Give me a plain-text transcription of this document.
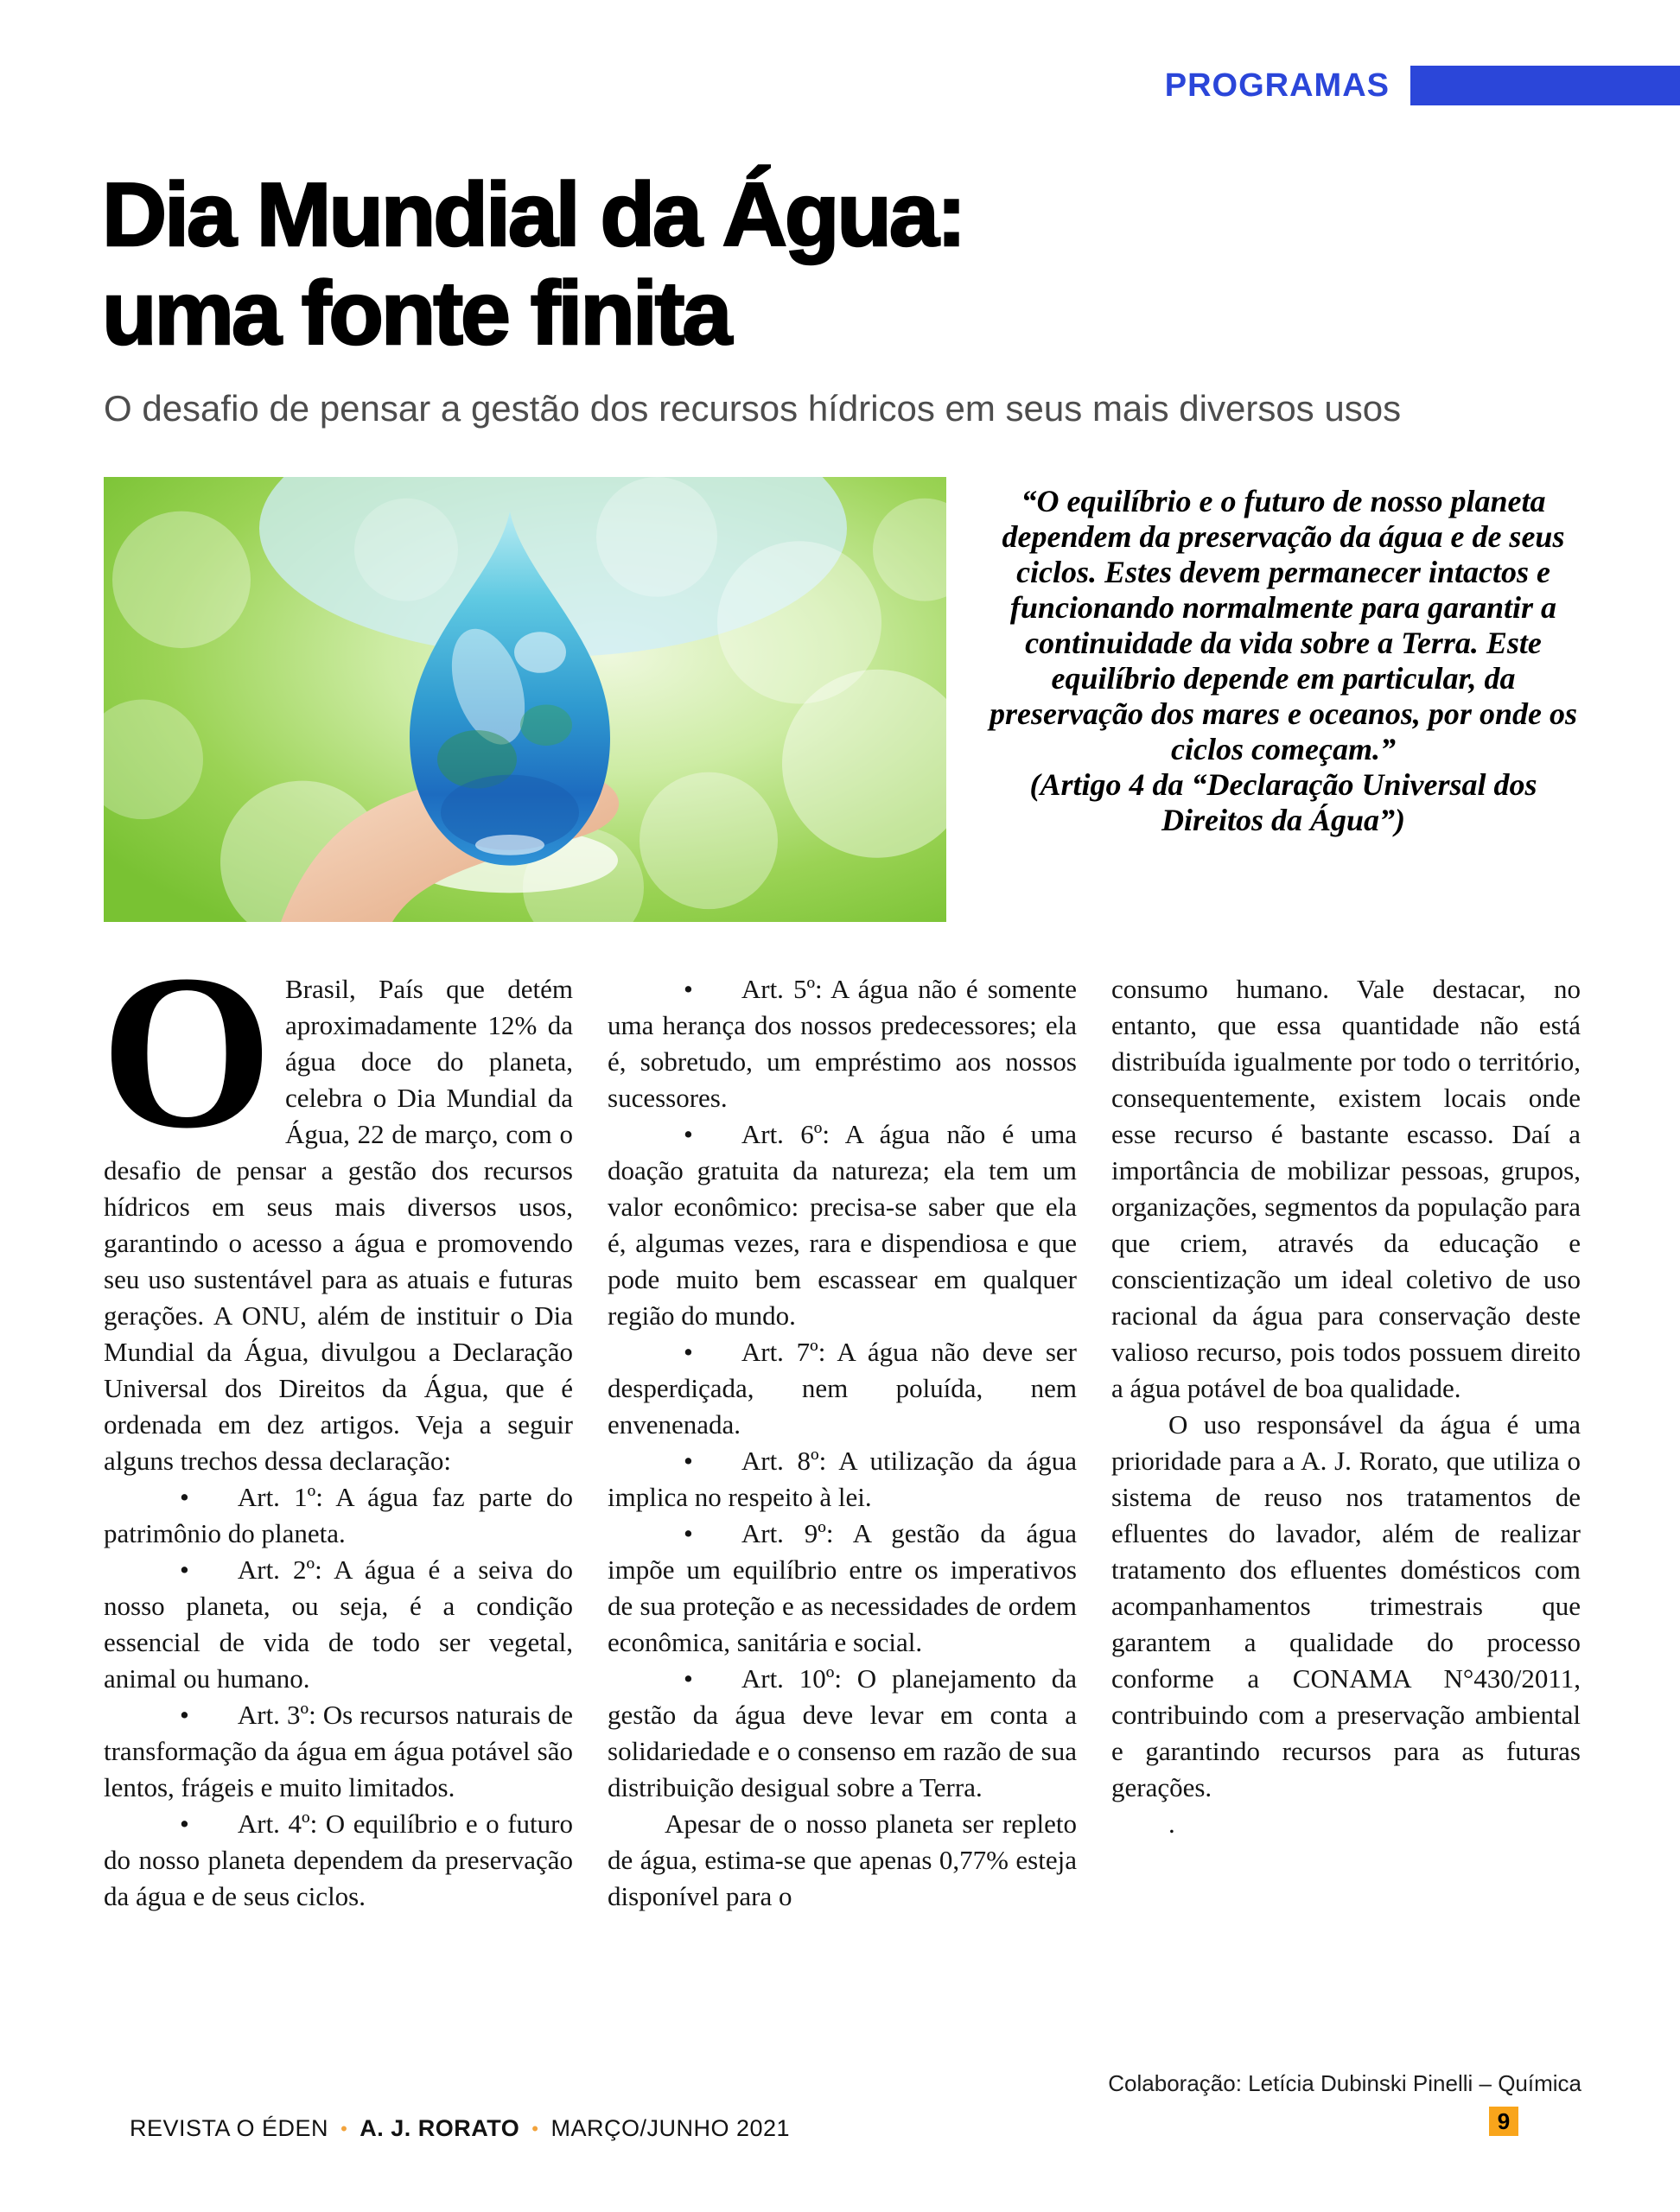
PROGRAMAS
Dia Mundial da Água:
uma fonte finita
O desafio de pensar a gestão dos recursos hídricos em seus mais diversos usos
“O equilíbrio e o futuro de nosso planeta dependem da preservação da água e de seus ciclos. Estes devem permanecer intactos e funcionando normalmente para garantir a continuidade da vida sobre a Terra. Este equilíbrio depende em particular, da preservação dos mares e oceanos, por onde os ciclos começam.”
(Artigo 4 da “Declaração Universal dos Direitos da Água”)

O Brasil, País que detém aproximadamente 12% da água doce do planeta, celebra o Dia Mundial da Água, 22 de março, com o desafio de pensar a gestão dos recursos hídricos em seus mais diversos usos, garantindo o acesso a água e promovendo seu uso sustentável para as atuais e futuras gerações. A ONU, além de instituir o Dia Mundial da Água, divulgou a Declaração Universal dos Direitos da Água, que é ordenada em dez artigos. Veja a seguir alguns trechos dessa declaração:

• Art. 1º: A água faz parte do patrimônio do planeta.

• Art. 2º: A água é a seiva do nosso planeta, ou seja, é a condição essencial de vida de todo ser vegetal, animal ou humano.

• Art. 3º: Os recursos naturais de transformação da água em água potável são lentos, frágeis e muito limitados.

• Art. 4º: O equilíbrio e o futuro do nosso planeta dependem da preservação da água e de seus ciclos.

• Art. 5º: A água não é somente uma herança dos nossos predecessores; ela é, sobretudo, um empréstimo aos nossos sucessores.

• Art. 6º: A água não é uma doação gratuita da natureza; ela tem um valor econômico: precisa-se saber que ela é, algumas vezes, rara e dispendiosa e que pode muito bem escassear em qualquer região do mundo.

• Art. 7º: A água não deve ser desperdiçada, nem poluída, nem envenenada.

• Art. 8º: A utilização da água implica no respeito à lei.

• Art. 9º: A gestão da água impõe um equilíbrio entre os imperativos de sua proteção e as necessidades de ordem econômica, sanitária e social.

• Art. 10º: O planejamento da gestão da água deve levar em conta a solidariedade e o consenso em razão de sua distribuição desigual sobre a Terra.

Apesar de o nosso planeta ser repleto de água, estima-se que apenas 0,77% esteja disponível para o

consumo humano. Vale destacar, no entanto, que essa quantidade não está distribuída igualmente por todo o território, consequentemente, existem locais onde esse recurso é bastante escasso. Daí a importância de mobilizar pessoas, grupos, organizações, segmentos da população para que criem, através da educação e conscientização um ideal coletivo de uso racional da água para conservação deste valioso recurso, pois todos possuem direito a água potável de boa qualidade.

O uso responsável da água é uma prioridade para a A. J. Rorato, que utiliza o sistema de reuso nos tratamentos de efluentes do lavador, além de realizar tratamento dos efluentes domésticos com acompanhamentos trimestrais que garantem a qualidade do processo conforme a CONAMA N°430/2011, contribuindo com a preservação ambiental e garantindo recursos para as futuras gerações.

.

Colaboração: Letícia Dubinski Pinelli – Química
REVISTA O ÉDEN • A. J. RORATO • MARÇO/JUNHO 2021	9
